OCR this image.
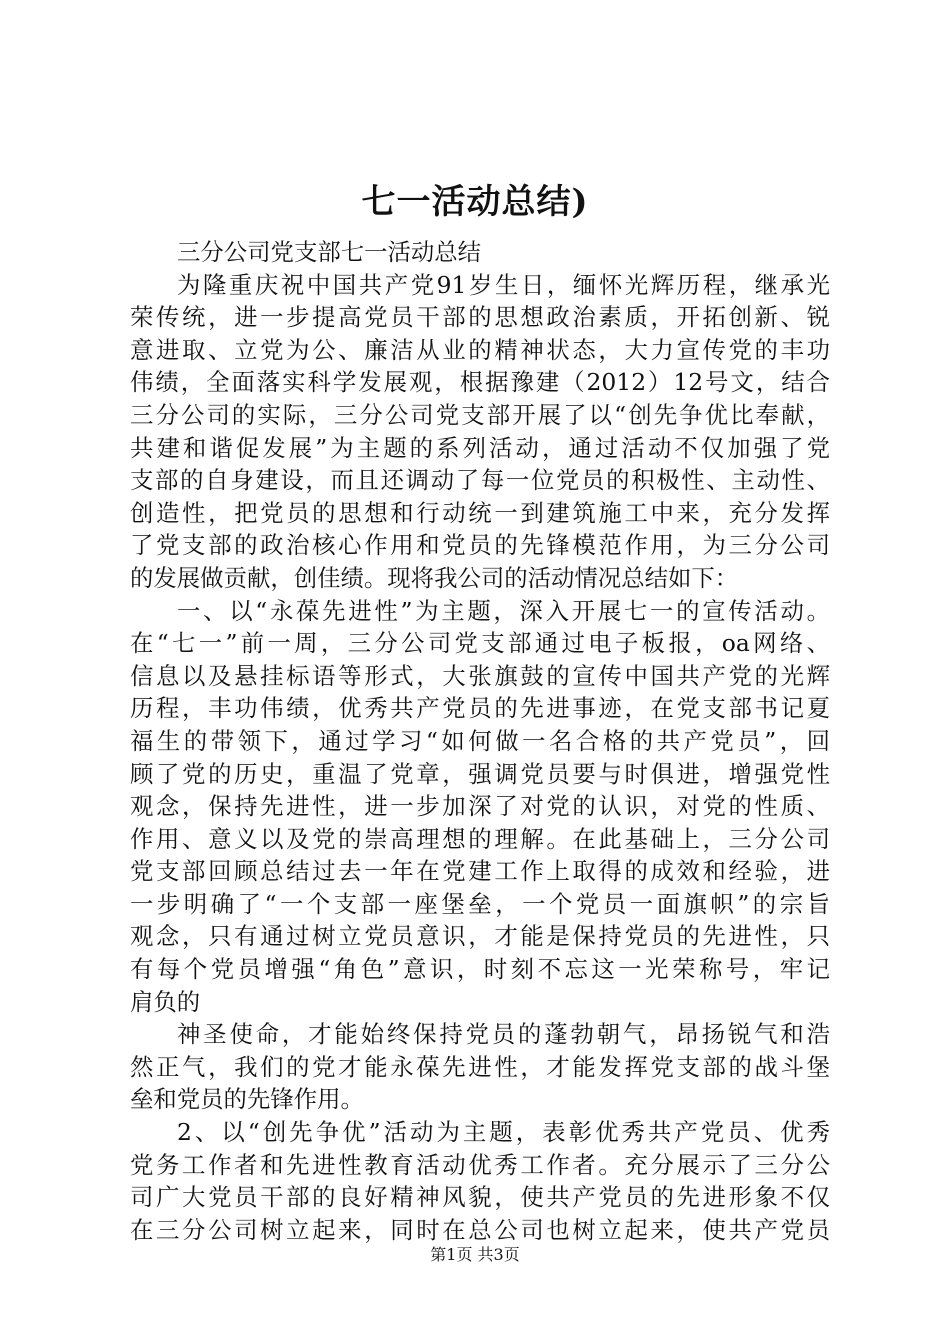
七一活动总结)
三分公司党支部七一活动总结
为隆重庆祝中国共产党91岁生日，缅怀光辉历程，继承光
荣传统，进一步提高党员干部的思想政治素质，开拓创新、锐
意进取、立党为公、廉洁从业的精神状态，大力宣传党的丰功
伟绩，全面落实科学发展观，根据豫建（2012）12号文，结合
三分公司的实际，三分公司党支部开展了以“创先争优比奉献，
共建和谐促发展”为主题的系列活动，通过活动不仅加强了党
支部的自身建设，而且还调动了每一位党员的积极性、主动性、
创造性，把党员的思想和行动统一到建筑施工中来，充分发挥
了党支部的政治核心作用和党员的先锋模范作用，为三分公司
的发展做贡献，创佳绩。现将我公司的活动情况总结如下：
一、以“永葆先进性”为主题，深入开展七一的宣传活动。
在“七一”前一周，三分公司党支部通过电子板报，oa网络、
信息以及悬挂标语等形式，大张旗鼓的宣传中国共产党的光辉
历程，丰功伟绩，优秀共产党员的先进事迹，在党支部书记夏
福生的带领下，通过学习“如何做一名合格的共产党员”，回
顾了党的历史，重温了党章，强调党员要与时俱进，增强党性
观念，保持先进性，进一步加深了对党的认识，对党的性质、
作用、意义以及党的崇高理想的理解。在此基础上，三分公司
党支部回顾总结过去一年在党建工作上取得的成效和经验，进
一步明确了“一个支部一座堡垒，一个党员一面旗帜”的宗旨
观念，只有通过树立党员意识，才能是保持党员的先进性，只
有每个党员增强“角色”意识，时刻不忘这一光荣称号，牢记
肩负的
神圣使命，才能始终保持党员的蓬勃朝气，昂扬锐气和浩
然正气，我们的党才能永葆先进性，才能发挥党支部的战斗堡
垒和党员的先锋作用。
2、以“创先争优”活动为主题，表彰优秀共产党员、优秀
党务工作者和先进性教育活动优秀工作者。充分展示了三分公
司广大党员干部的良好精神风貌，使共产党员的先进形象不仅
在三分公司树立起来，同时在总公司也树立起来，使共产党员
第1页 共3页
